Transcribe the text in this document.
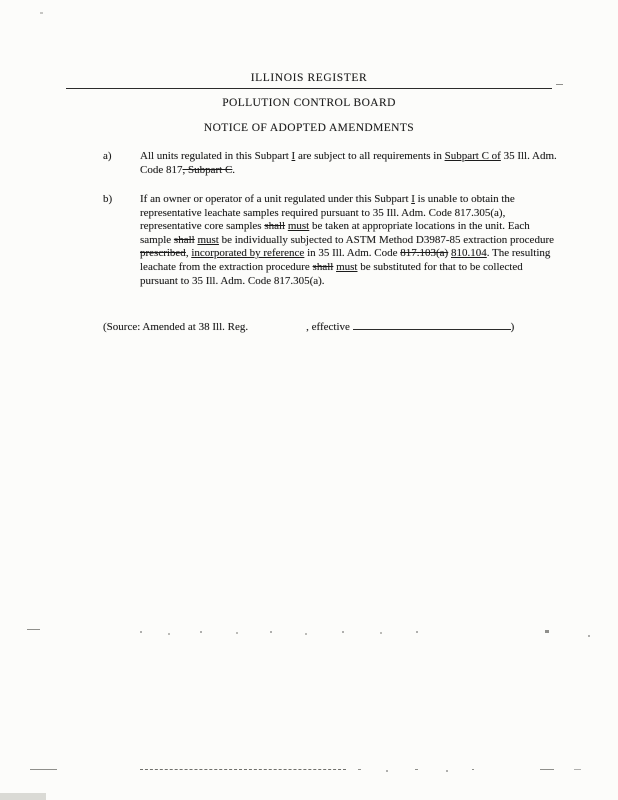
ILLINOIS REGISTER
POLLUTION CONTROL BOARD
NOTICE OF ADOPTED AMENDMENTS
a)	All units regulated in this Subpart I are subject to all requirements in Subpart C of 35 Ill. Adm. Code 817, Subpart C.
b)	If an owner or operator of a unit regulated under this Subpart I is unable to obtain the representative leachate samples required pursuant to 35 Ill. Adm. Code 817.305(a), representative core samples shall must be taken at appropriate locations in the unit. Each sample shall must be individually subjected to ASTM Method D3987-85 extraction procedure prescribed, incorporated by reference in 35 Ill. Adm. Code 817.103(a) 810.104. The resulting leachate from the extraction procedure shall must be substituted for that to be collected pursuant to 35 Ill. Adm. Code 817.305(a).
(Source: Amended at 38 Ill. Reg.	, effective	)
